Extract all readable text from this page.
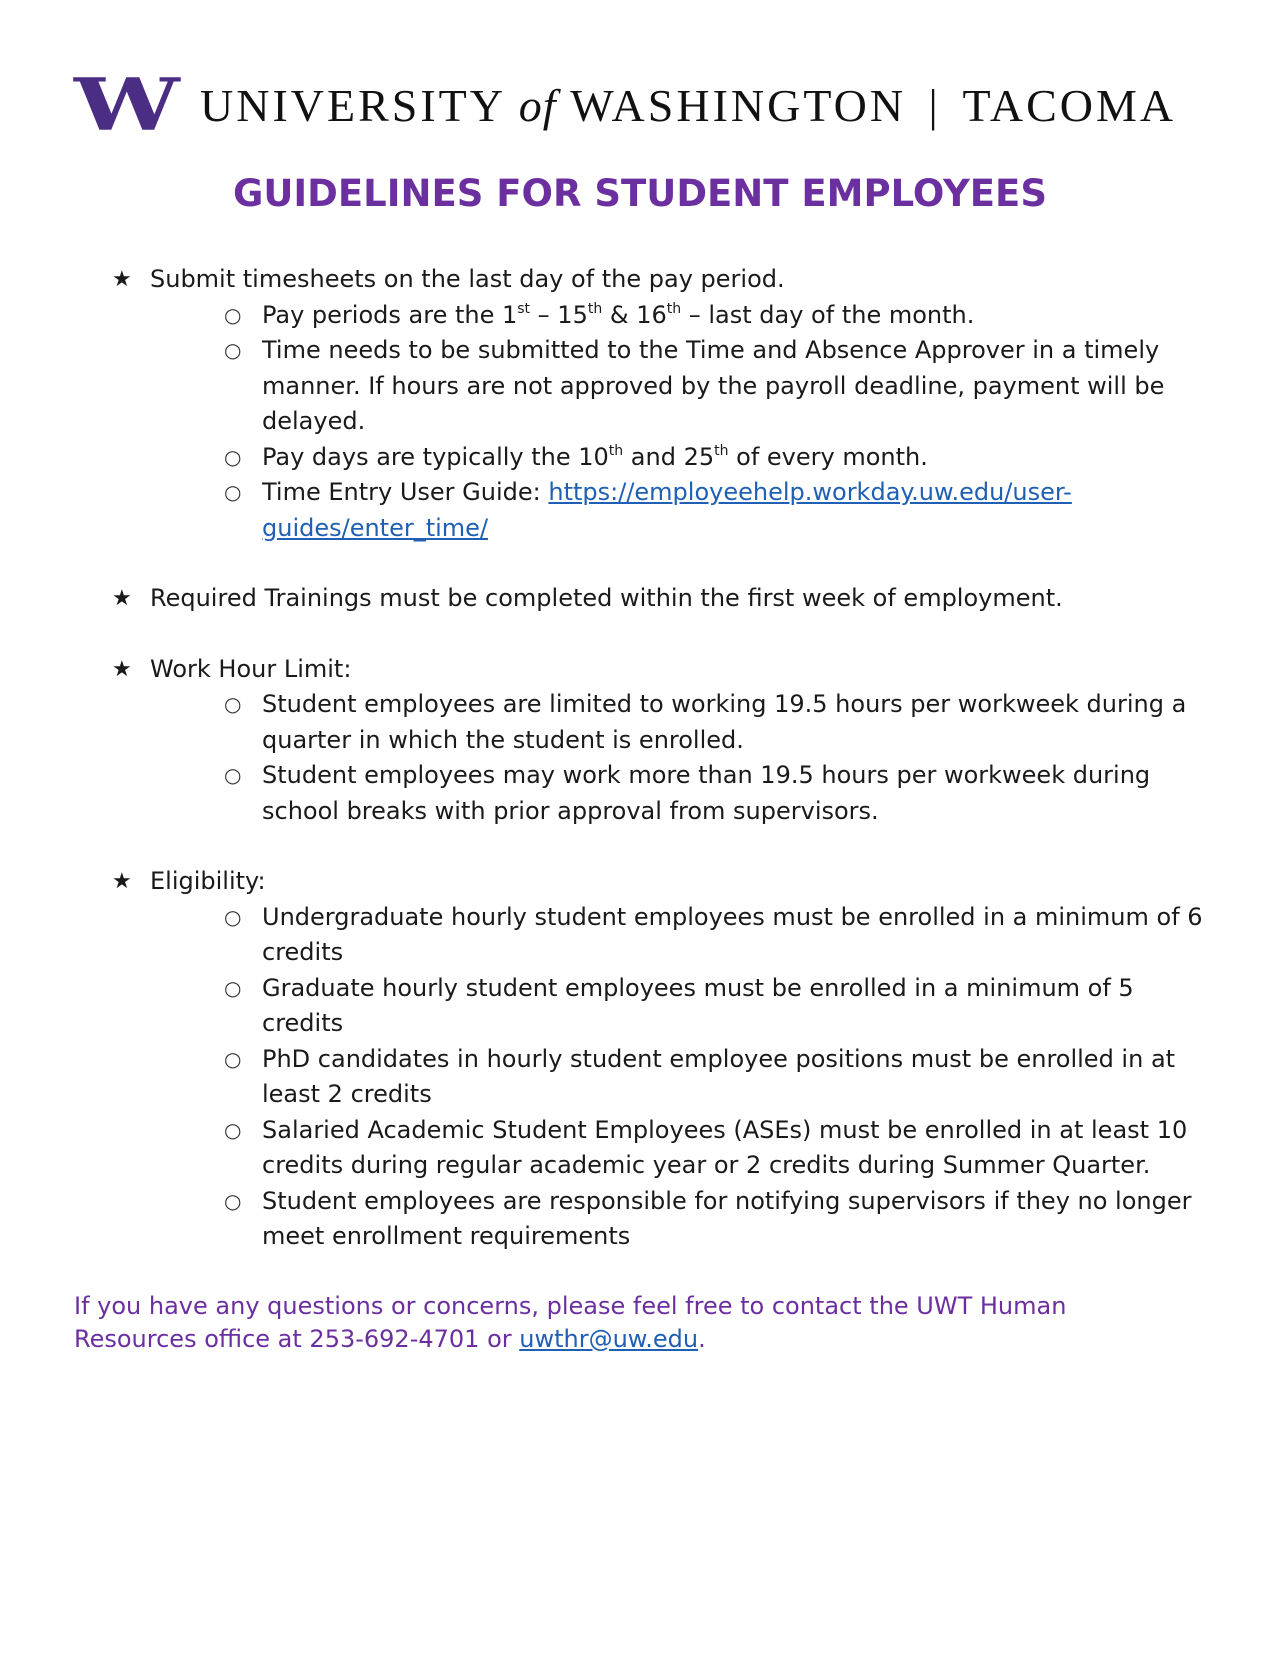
W UNIVERSITY of WASHINGTON | TACOMA
GUIDELINES FOR STUDENT EMPLOYEES
★ Submit timesheets on the last day of the pay period.
○ Pay periods are the 1st – 15th & 16th – last day of the month.
○ Time needs to be submitted to the Time and Absence Approver in a timely manner. If hours are not approved by the payroll deadline, payment will be delayed.
○ Pay days are typically the 10th and 25th of every month.
○ Time Entry User Guide: https://employeehelp.workday.uw.edu/user-guides/enter_time/
★ Required Trainings must be completed within the first week of employment.
★ Work Hour Limit:
○ Student employees are limited to working 19.5 hours per workweek during a quarter in which the student is enrolled.
○ Student employees may work more than 19.5 hours per workweek during school breaks with prior approval from supervisors.
★ Eligibility:
○ Undergraduate hourly student employees must be enrolled in a minimum of 6 credits
○ Graduate hourly student employees must be enrolled in a minimum of 5 credits
○ PhD candidates in hourly student employee positions must be enrolled in at least 2 credits
○ Salaried Academic Student Employees (ASEs) must be enrolled in at least 10 credits during regular academic year or 2 credits during Summer Quarter.
○ Student employees are responsible for notifying supervisors if they no longer meet enrollment requirements
If you have any questions or concerns, please feel free to contact the UWT Human Resources office at 253-692-4701 or uwthr@uw.edu.
